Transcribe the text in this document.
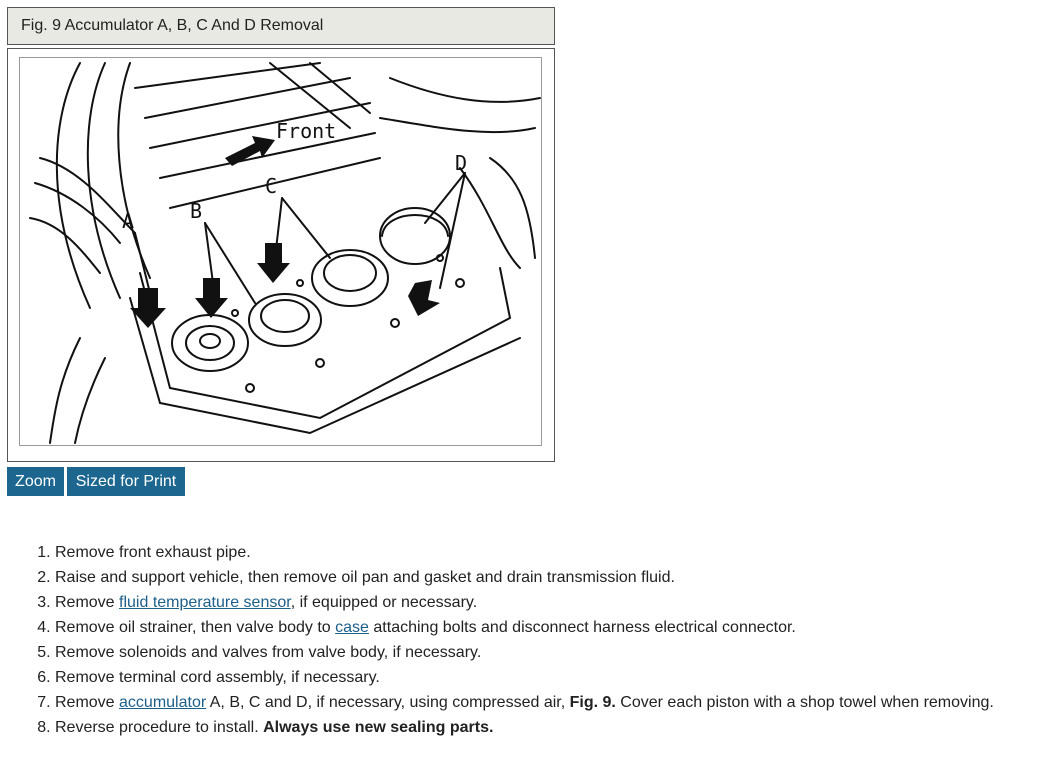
Fig. 9 Accumulator A, B, C And D Removal
Front
A	B
C
D
Zoom	Sized for Print
1. Remove front exhaust pipe.
2. Raise and support vehicle, then remove oil pan and gasket and drain transmission fluid.
3. Remove fluid temperature sensor, if equipped or necessary.
4. Remove oil strainer, then valve body to case attaching bolts and disconnect harness electrical connector.
5. Remove solenoids and valves from valve body, if necessary.
6. Remove terminal cord assembly, if necessary.
7. Remove accumulator A, B, C and D, if necessary, using compressed air, Fig. 9. Cover each piston with a shop towel when removing.
8. Reverse procedure to install. Always use new sealing parts.
